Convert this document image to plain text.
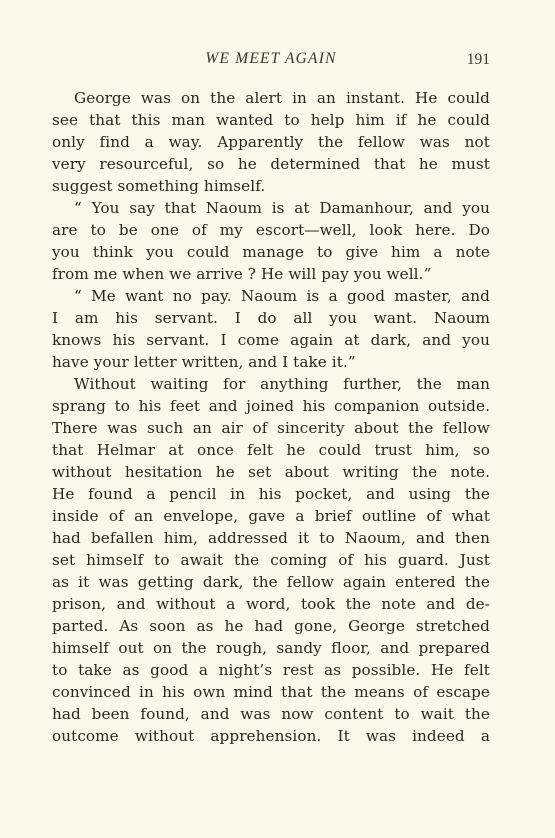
WE MEET AGAIN	191
George was on the alert in an instant. He could
see that this man wanted to help him if he could
only find a way. Apparently the fellow was not
very resourceful, so he determined that he must
suggest something himself.
“ You say that Naoum is at Damanhour, and you
are to be one of my escort—well, look here. Do
you think you could manage to give him a note
from me when we arrive ? He will pay you well.”
“ Me want no pay. Naoum is a good master, and
I am his servant. I do all you want. Naoum
knows his servant. I come again at dark, and you
have your letter written, and I take it.”
Without waiting for anything further, the man
sprang to his feet and joined his companion outside.
There was such an air of sincerity about the fellow
that Helmar at once felt he could trust him, so
without hesitation he set about writing the note.
He found a pencil in his pocket, and using the
inside of an envelope, gave a brief outline of what
had befallen him, addressed it to Naoum, and then
set himself to await the coming of his guard. Just
as it was getting dark, the fellow again entered the
prison, and without a word, took the note and de-
parted. As soon as he had gone, George stretched
himself out on the rough, sandy floor, and prepared
to take as good a night’s rest as possible. He felt
convinced in his own mind that the means of escape
had been found, and was now content to wait the
outcome without apprehension. It was indeed a
